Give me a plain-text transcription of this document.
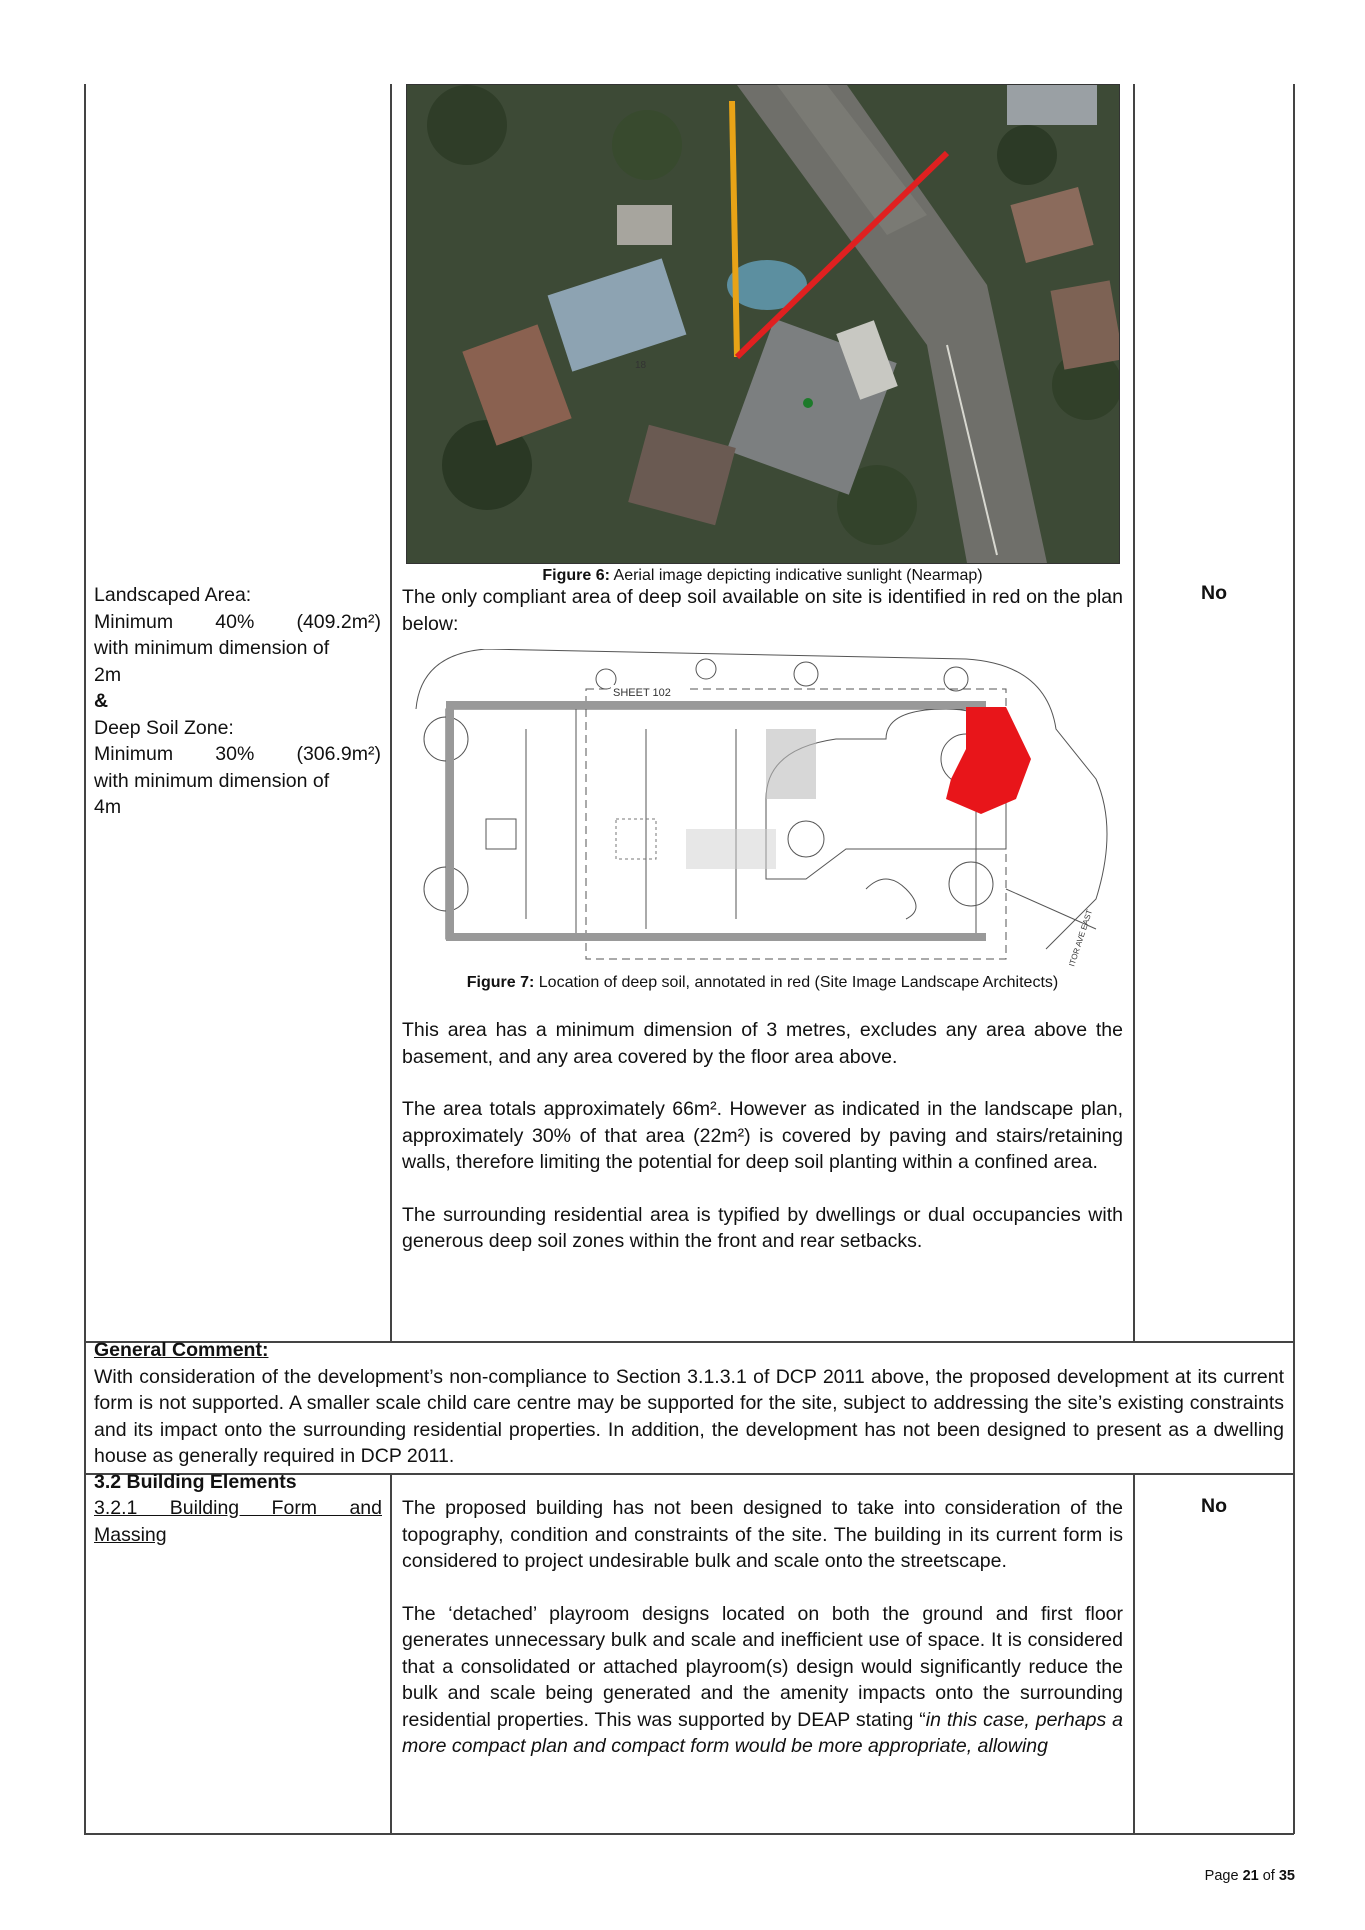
Landscaped Area:
Minimum 40% (409.2m²)
with minimum dimension of
2m
&
Deep Soil Zone:
Minimum 30% (306.9m²)
with minimum dimension of
4m
18
Figure 6: Aerial image depicting indicative sunlight (Nearmap)
The only compliant area of deep soil available on site is identified in red on the plan below:
SHEET 102
ITOR AVE EAST
Figure 7: Location of deep soil, annotated in red (Site Image Landscape Architects)
This area has a minimum dimension of 3 metres, excludes any area above the basement, and any area covered by the floor area above.
The area totals approximately 66m². However as indicated in the landscape plan, approximately 30% of that area (22m²) is covered by paving and stairs/retaining walls, therefore limiting the potential for deep soil planting within a confined area.
The surrounding residential area is typified by dwellings or dual occupancies with generous deep soil zones within the front and rear setbacks.
No
General Comment:
With consideration of the development’s non-compliance to Section 3.1.3.1 of DCP 2011 above, the proposed development at its current form is not supported. A smaller scale child care centre may be supported for the site, subject to addressing the site’s existing constraints and its impact onto the surrounding residential properties. In addition, the development has not been designed to present as a dwelling house as generally required in DCP 2011.
3.2 Building Elements
3.2.1 Building Form and
Massing
The proposed building has not been designed to take into consideration of the topography, condition and constraints of the site. The building in its current form is considered to project undesirable bulk and scale onto the streetscape.
The ‘detached’ playroom designs located on both the ground and first floor generates unnecessary bulk and scale and inefficient use of space. It is considered that a consolidated or attached playroom(s) design would significantly reduce the bulk and scale being generated and the amenity impacts onto the surrounding residential properties. This was supported by DEAP stating “in this case, perhaps a more compact plan and compact form would be more appropriate, allowing
No
Page 21 of 35
